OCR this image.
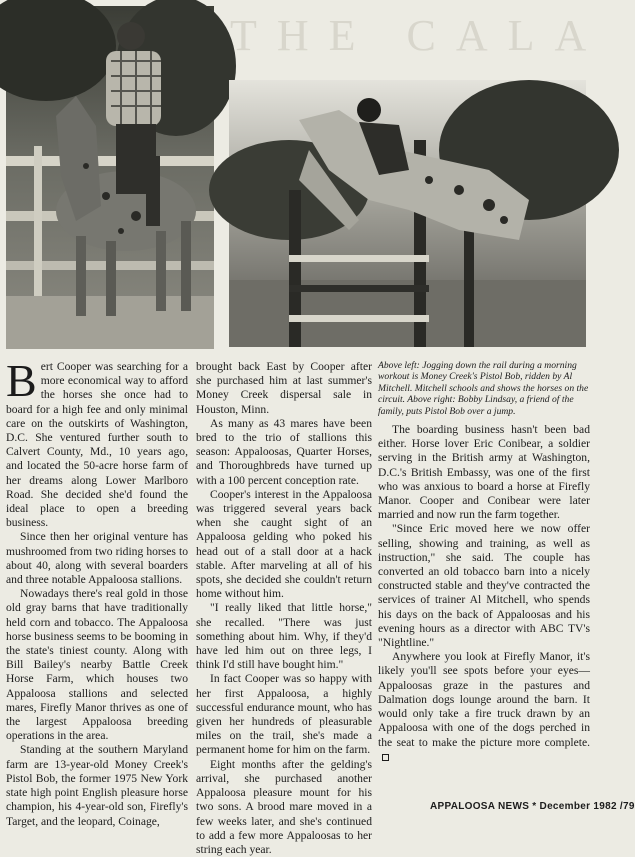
THE CALA

Bert Cooper was searching for a more economical way to afford the horses she once had to board for a high fee and only minimal care on the outskirts of Washington, D.C. She ventured further south to Calvert County, Md., 10 years ago, and located the 50-acre horse farm of her dreams along Lower Marlboro Road. She decided she'd found the ideal place to open a breeding business.

Since then her original venture has mushroomed from two riding horses to about 40, along with several boarders and three notable Appaloosa stallions.

Nowadays there's real gold in those old gray barns that have traditionally held corn and tobacco. The Appaloosa horse business seems to be booming in the state's tiniest county. Along with Bill Bailey's nearby Battle Creek Horse Farm, which houses two Appaloosa stallions and selected mares, Firefly Manor thrives as one of the largest Appaloosa breeding operations in the area.

Standing at the southern Maryland farm are 13-year-old Money Creek's Pistol Bob, the former 1975 New York state high point English pleasure horse champion, his 4-year-old son, Firefly's Target, and the leopard, Coinage,

brought back East by Cooper after she purchased him at last summer's Money Creek dispersal sale in Houston, Minn.

As many as 43 mares have been bred to the trio of stallions this season: Appaloosas, Quarter Horses, and Thoroughbreds have turned up with a 100 percent conception rate.

Cooper's interest in the Appaloosa was triggered several years back when she caught sight of an Appaloosa gelding who poked his head out of a stall door at a hack stable. After marveling at all of his spots, she decided she couldn't return home without him.

"I really liked that little horse," she recalled. "There was just something about him. Why, if they'd have led him out on three legs, I think I'd still have bought him."

In fact Cooper was so happy with her first Appaloosa, a highly successful endurance mount, who has given her hundreds of pleasurable miles on the trail, she's made a permanent home for him on the farm.

Eight months after the gelding's arrival, she purchased another Appaloosa pleasure mount for his two sons. A brood mare moved in a few weeks later, and she's continued to add a few more Appaloosas to her string each year.

Above left: Jogging down the rail during a morning workout is Money Creek's Pistol Bob, ridden by Al Mitchell. Mitchell schools and shows the horses on the circuit. Above right: Bobby Lindsay, a friend of the family, puts Pistol Bob over a jump.

The boarding business hasn't been bad either. Horse lover Eric Conibear, a soldier serving in the British army at Washington, D.C.'s British Embassy, was one of the first who was anxious to board a horse at Firefly Manor. Cooper and Conibear were later married and now run the farm together.

"Since Eric moved here we now offer selling, showing and training, as well as instruction," she said. The couple has converted an old tobacco barn into a nicely constructed stable and they've contracted the services of trainer Al Mitchell, who spends his days on the back of Appaloosas and his evening hours as a director with ABC TV's "Nightline."

Anywhere you look at Firefly Manor, it's likely you'll see spots before your eyes—Appaloosas graze in the pastures and Dalmation dogs lounge around the barn. It would only take a fire truck drawn by an Appaloosa with one of the dogs perched in the seat to make the picture more complete.

APPALOOSA NEWS * December 1982 /79
